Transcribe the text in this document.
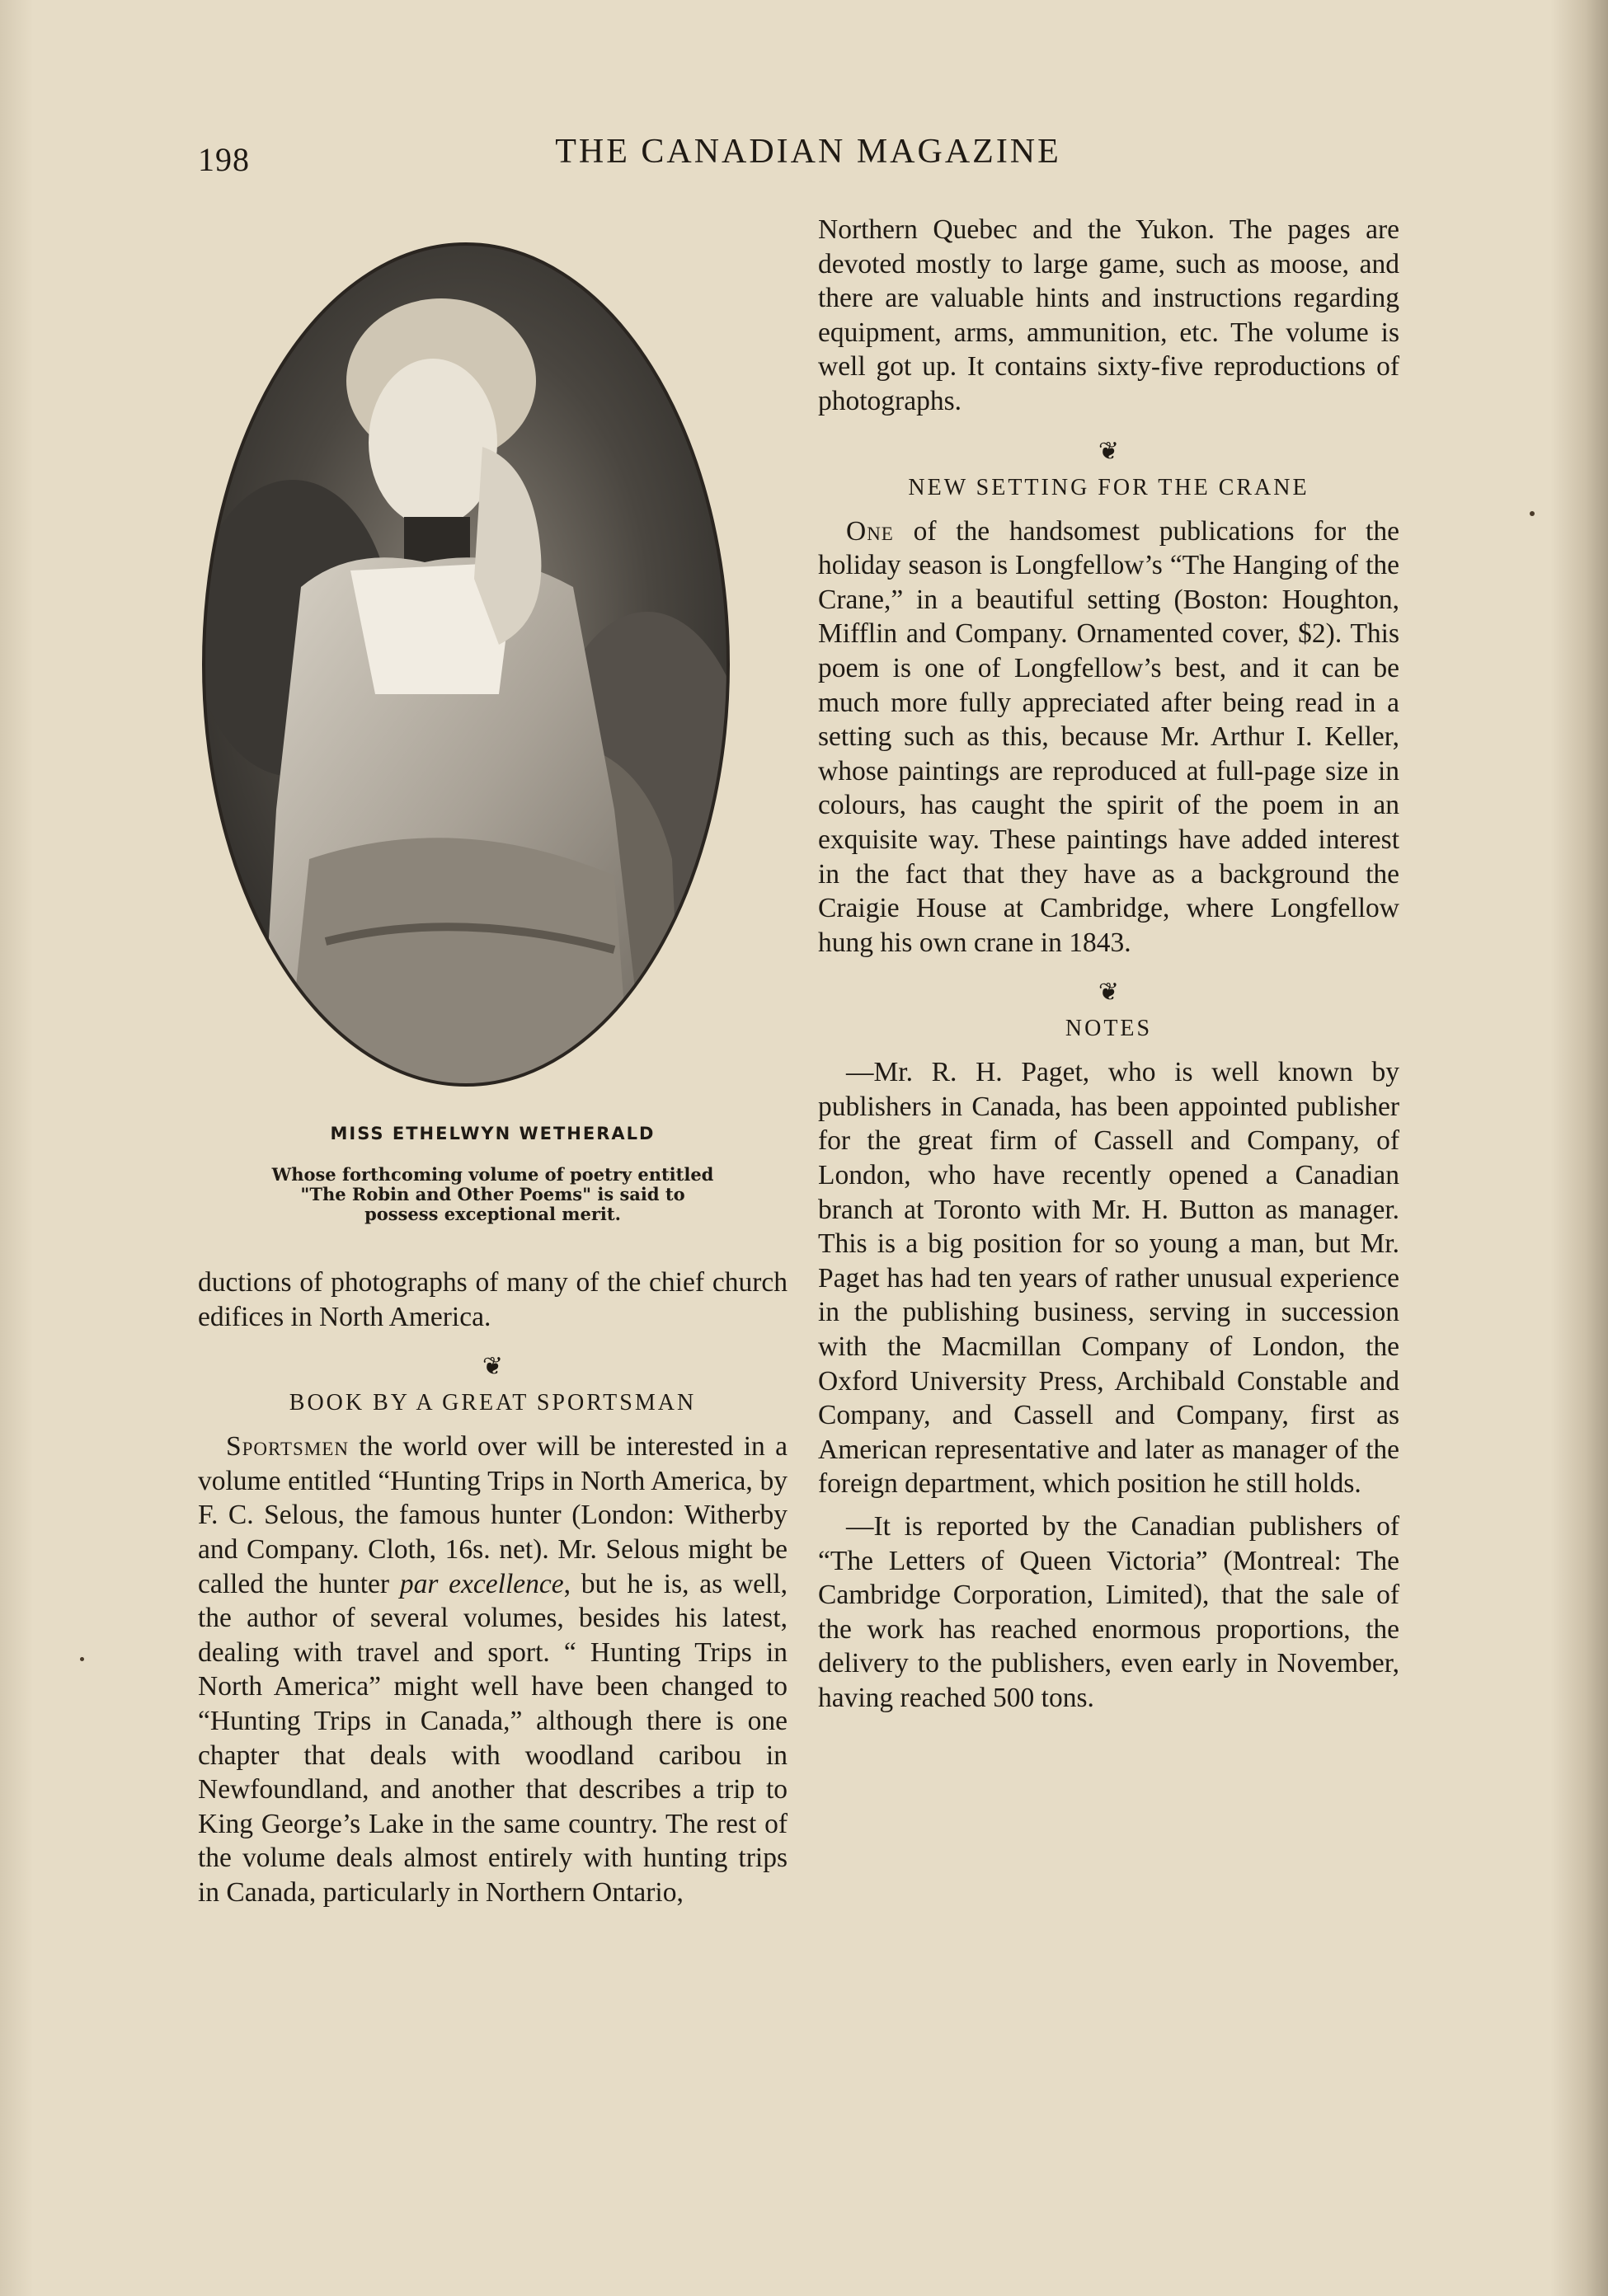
198	THE CANADIAN MAGAZINE
MISS ETHELWYN WETHERALD
Whose forthcoming volume of poetry entitled "The Robin and Other Poems" is said to possess exceptional merit.

ductions of photographs of many of the chief church edifices in North America.

❦
BOOK BY A GREAT SPORTSMAN

Sportsmen the world over will be interested in a volume entitled “Hunting Trips in North America, by F. C. Selous, the famous hunter (London: Witherby and Company. Cloth, 16s. net). Mr. Selous might be called the hunter par excellence, but he is, as well, the author of several volumes, besides his latest, dealing with travel and sport. “ Hunting Trips in North America” might well have been changed to “Hunting Trips in Canada,” although there is one chapter that deals with woodland caribou in Newfoundland, and another that describes a trip to King George’s Lake in the same country. The rest of the volume deals almost entirely with hunting trips in Canada, particularly in Northern Ontario,

Northern Quebec and the Yukon. The pages are devoted mostly to large game, such as moose, and there are valuable hints and instructions regarding equipment, arms, ammunition, etc. The volume is well got up. It contains sixty-five reproductions of photographs.

❦
NEW SETTING FOR THE CRANE

One of the handsomest publications for the holiday season is Longfellow’s “The Hanging of the Crane,” in a beautiful setting (Boston: Houghton, Mifflin and Company. Ornamented cover, $2). This poem is one of Longfellow’s best, and it can be much more fully appreciated after being read in a setting such as this, because Mr. Arthur I. Keller, whose paintings are reproduced at full-page size in colours, has caught the spirit of the poem in an exquisite way. These paintings have added interest in the fact that they have as a background the Craigie House at Cambridge, where Longfellow hung his own crane in 1843.

❦
NOTES

—Mr. R. H. Paget, who is well known by publishers in Canada, has been appointed publisher for the great firm of Cassell and Company, of London, who have recently opened a Canadian branch at Toronto with Mr. H. Button as manager. This is a big position for so young a man, but Mr. Paget has had ten years of rather unusual experience in the publishing business, serving in succession with the Macmillan Company of London, the Oxford University Press, Archibald Constable and Company, and Cassell and Company, first as American representative and later as manager of the foreign department, which position he still holds.

—It is reported by the Canadian publishers of “The Letters of Queen Victoria” (Montreal: The Cambridge Corporation, Limited), that the sale of the work has reached enormous proportions, the delivery to the publishers, even early in November, having reached 500 tons.
